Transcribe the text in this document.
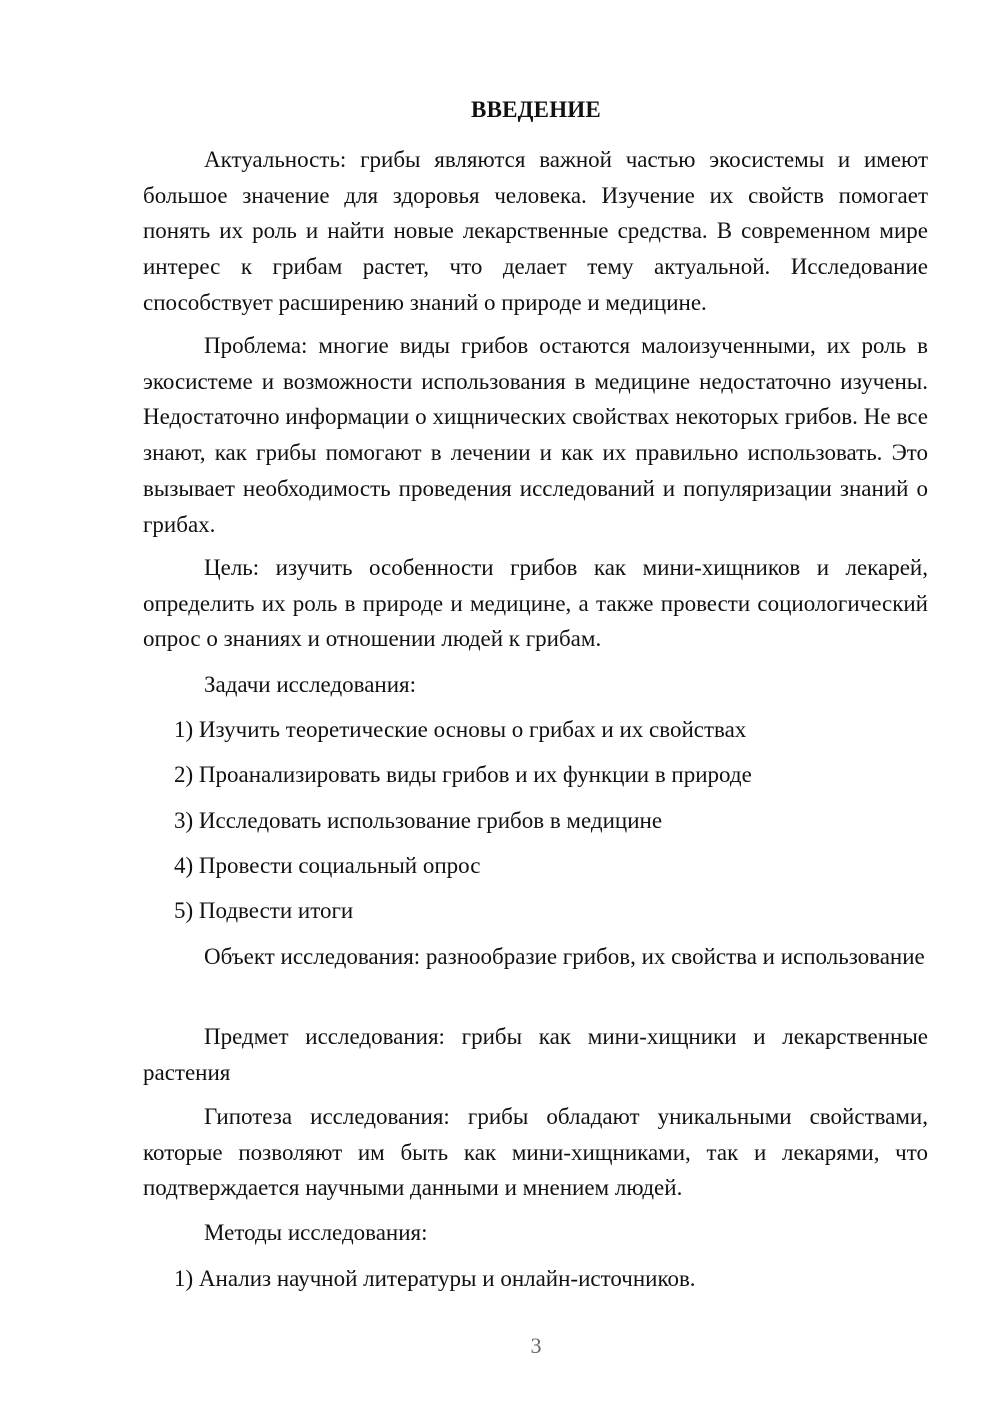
ВВЕДЕНИЕ

Актуальность: грибы являются важной частью экосистемы и имеют большое значение для здоровья человека. Изучение их свойств помогает понять их роль и найти новые лекарственные средства. В современном мире интерес к грибам растет, что делает тему актуальной. Исследование способствует расширению знаний о природе и медицине.

Проблема: многие виды грибов остаются малоизученными, их роль в экосистеме и возможности использования в медицине недостаточно изучены. Недостаточно информации о хищнических свойствах некоторых грибов. Не все знают, как грибы помогают в лечении и как их правильно использовать. Это вызывает необходимость проведения исследований и популяризации знаний о грибах.

Цель: изучить особенности грибов как мини-хищников и лекарей, определить их роль в природе и медицине, а также провести социологический опрос о знаниях и отношении людей к грибам.

Задачи исследования:

1) Изучить теоретические основы о грибах и их свойствах

2) Проанализировать виды грибов и их функции в природе

3) Исследовать использование грибов в медицине

4) Провести социальный опрос

5) Подвести итоги

Объект исследования: разнообразие грибов, их свойства и использование

Предмет исследования: грибы как мини-хищники и лекарственные растения

Гипотеза исследования: грибы обладают уникальными свойствами, которые позволяют им быть как мини-хищниками, так и лекарями, что подтверждается научными данными и мнением людей.

Методы исследования:

1) Анализ научной литературы и онлайн-источников.

3
